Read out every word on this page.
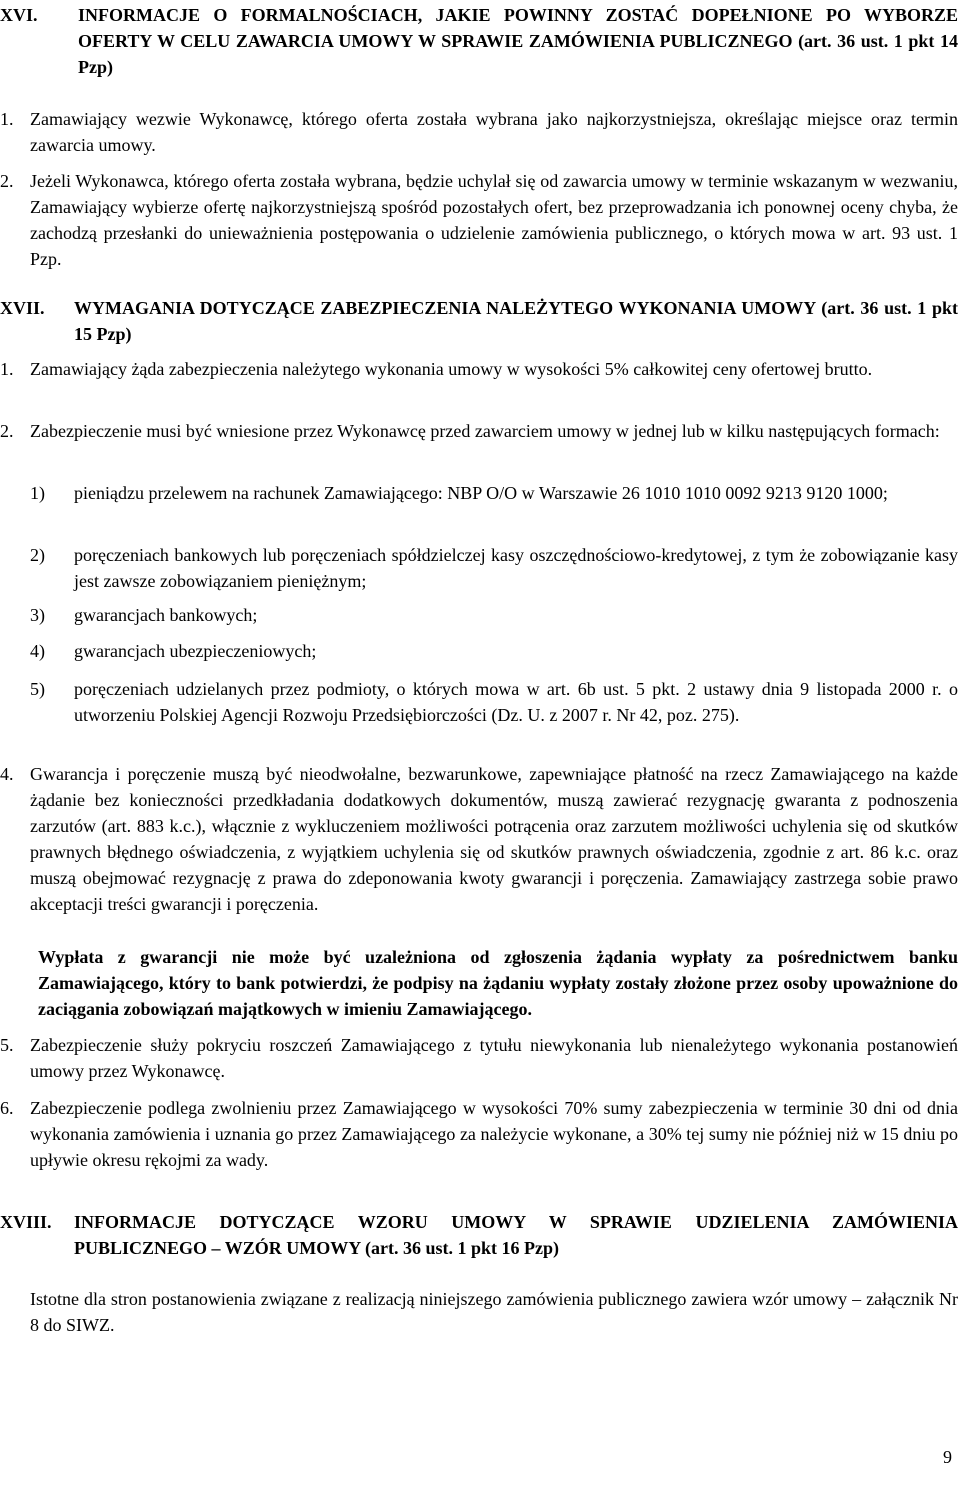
XVI.	INFORMACJE O FORMALNOŚCIACH, JAKIE POWINNY ZOSTAĆ DOPEŁNIONE PO WYBORZE OFERTY W CELU ZAWARCIA UMOWY W SPRAWIE ZAMÓWIENIA PUBLICZNEGO (art. 36 ust. 1 pkt 14 Pzp)
1. Zamawiający wezwie Wykonawcę, którego oferta została wybrana jako najkorzystniejsza, określając miejsce oraz termin zawarcia umowy.
2. Jeżeli Wykonawca, którego oferta została wybrana, będzie uchylał się od zawarcia umowy w terminie wskazanym w wezwaniu, Zamawiający wybierze ofertę najkorzystniejszą spośród pozostałych ofert, bez przeprowadzania ich ponownej oceny chyba, że zachodzą przesłanki do unieważnienia postępowania o udzielenie zamówienia publicznego, o których mowa w art. 93 ust. 1 Pzp.
XVII.	WYMAGANIA DOTYCZĄCE ZABEZPIECZENIA NALEŻYTEGO WYKONANIA UMOWY (art. 36 ust. 1 pkt 15 Pzp)
1. Zamawiający żąda zabezpieczenia należytego wykonania umowy w wysokości 5% całkowitej ceny ofertowej brutto.
2. Zabezpieczenie musi być wniesione przez Wykonawcę przed zawarciem umowy w jednej lub w kilku następujących formach:
1)	pieniądzu przelewem na rachunek Zamawiającego: NBP O/O w Warszawie 26 1010 1010 0092 9213 9120 1000;
2)	poręczeniach bankowych lub poręczeniach spółdzielczej kasy oszczędnościowo-kredytowej, z tym że zobowiązanie kasy jest zawsze zobowiązaniem pieniężnym;
3)	gwarancjach bankowych;
4)	gwarancjach ubezpieczeniowych;
5)	poręczeniach udzielanych przez podmioty, o których mowa w art. 6b ust. 5 pkt. 2 ustawy dnia 9 listopada 2000 r. o utworzeniu Polskiej Agencji Rozwoju Przedsiębiorczości (Dz. U. z 2007 r. Nr 42, poz. 275).
4. Gwarancja i poręczenie muszą być nieodwołalne, bezwarunkowe, zapewniające płatność na rzecz Zamawiającego na każde żądanie bez konieczności przedkładania dodatkowych dokumentów, muszą zawierać rezygnację gwaranta z podnoszenia zarzutów (art. 883 k.c.), włącznie z wykluczeniem możliwości potrącenia oraz zarzutem możliwości uchylenia się od skutków prawnych błędnego oświadczenia, z wyjątkiem uchylenia się od skutków prawnych oświadczenia, zgodnie z art. 86 k.c. oraz muszą obejmować rezygnację z prawa do zdeponowania kwoty gwarancji i poręczenia. Zamawiający zastrzega sobie prawo akceptacji treści gwarancji i poręczenia.
Wypłata z gwarancji nie może być uzależniona od zgłoszenia żądania wypłaty za pośrednictwem banku Zamawiającego, który to bank potwierdzi, że podpisy na żądaniu wypłaty zostały złożone przez osoby upoważnione do zaciągania zobowiązań majątkowych w imieniu Zamawiającego.
5. Zabezpieczenie służy pokryciu roszczeń Zamawiającego z tytułu niewykonania lub nienależytego wykonania postanowień umowy przez Wykonawcę.
6. Zabezpieczenie podlega zwolnieniu przez Zamawiającego w wysokości 70% sumy zabezpieczenia w terminie 30 dni od dnia wykonania zamówienia i uznania go przez Zamawiającego za należycie wykonane, a 30% tej sumy nie później niż w 15 dniu po upływie okresu rękojmi za wady.
XVIII.	INFORMACJE DOTYCZĄCE WZORU UMOWY W SPRAWIE UDZIELENIA ZAMÓWIENIA PUBLICZNEGO – WZÓR UMOWY (art. 36 ust. 1 pkt 16 Pzp)
Istotne dla stron postanowienia związane z realizacją niniejszego zamówienia publicznego zawiera wzór umowy – załącznik Nr 8 do SIWZ.
9
